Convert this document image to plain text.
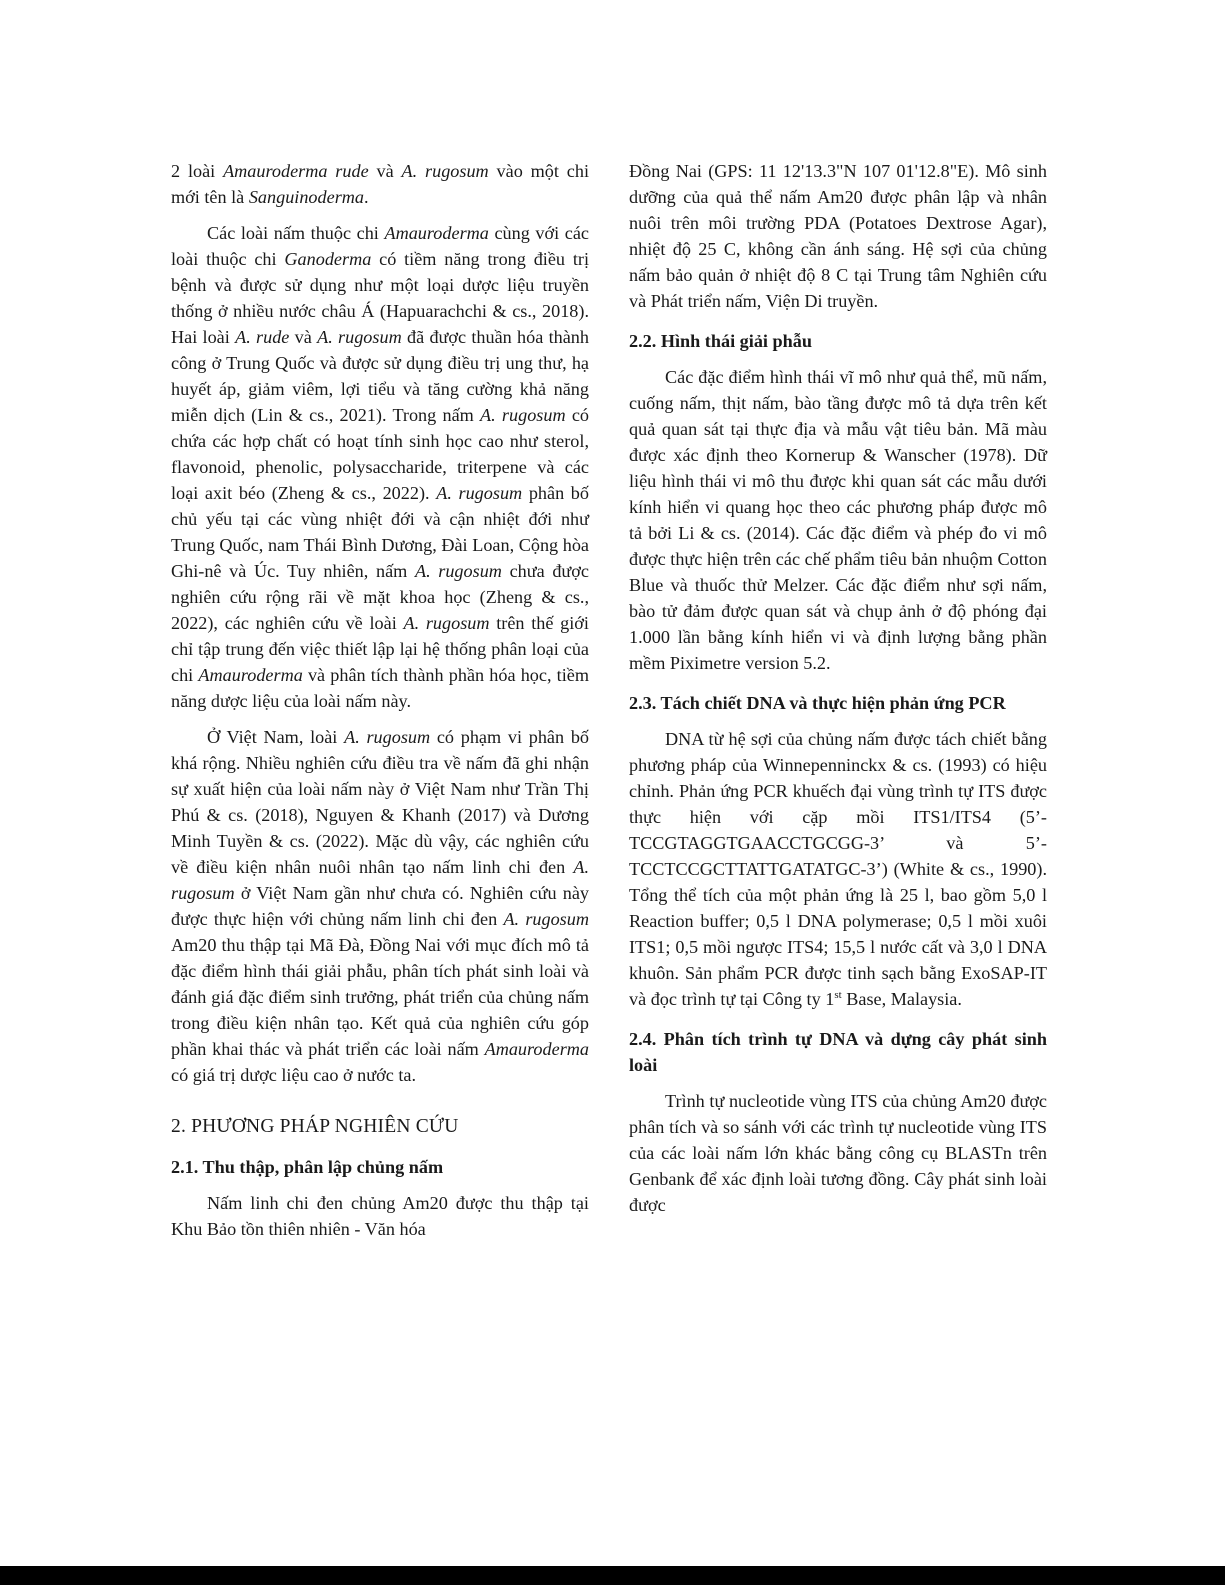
2 loài Amauroderma rude và A. rugosum vào một chi mới tên là Sanguinoderma.

Các loài nấm thuộc chi Amauroderma cùng với các loài thuộc chi Ganoderma có tiềm năng trong điều trị bệnh và được sử dụng như một loại dược liệu truyền thống ở nhiều nước châu Á (Hapuarachchi & cs., 2018). Hai loài A. rude và A. rugosum đã được thuần hóa thành công ở Trung Quốc và được sử dụng điều trị ung thư, hạ huyết áp, giảm viêm, lợi tiểu và tăng cường khả năng miễn dịch (Lin & cs., 2021). Trong nấm A. rugosum có chứa các hợp chất có hoạt tính sinh học cao như sterol, flavonoid, phenolic, polysaccharide, triterpene và các loại axit béo (Zheng & cs., 2022). A. rugosum phân bố chủ yếu tại các vùng nhiệt đới và cận nhiệt đới như Trung Quốc, nam Thái Bình Dương, Đài Loan, Cộng hòa Ghi-nê và Úc. Tuy nhiên, nấm A. rugosum chưa được nghiên cứu rộng rãi về mặt khoa học (Zheng & cs., 2022), các nghiên cứu về loài A. rugosum trên thế giới chỉ tập trung đến việc thiết lập lại hệ thống phân loại của chi Amauroderma và phân tích thành phần hóa học, tiềm năng dược liệu của loài nấm này.

Ở Việt Nam, loài A. rugosum có phạm vi phân bố khá rộng. Nhiều nghiên cứu điều tra về nấm đã ghi nhận sự xuất hiện của loài nấm này ở Việt Nam như Trần Thị Phú & cs. (2018), Nguyen & Khanh (2017) và Dương Minh Tuyền & cs. (2022). Mặc dù vậy, các nghiên cứu về điều kiện nhân nuôi nhân tạo nấm linh chi đen A. rugosum ở Việt Nam gần như chưa có. Nghiên cứu này được thực hiện với chủng nấm linh chi đen A. rugosum Am20 thu thập tại Mã Đà, Đồng Nai với mục đích mô tả đặc điểm hình thái giải phẫu, phân tích phát sinh loài và đánh giá đặc điểm sinh trưởng, phát triển của chủng nấm trong điều kiện nhân tạo. Kết quả của nghiên cứu góp phần khai thác và phát triển các loài nấm Amauroderma có giá trị dược liệu cao ở nước ta.

2. PHƯƠNG PHÁP NGHIÊN CỨU
2.1. Thu thập, phân lập chủng nấm

Nấm linh chi đen chủng Am20 được thu thập tại Khu Bảo tồn thiên nhiên - Văn hóa

Đồng Nai (GPS: 11 12'13.3"N 107 01'12.8"E). Mô sinh dưỡng của quả thể nấm Am20 được phân lập và nhân nuôi trên môi trường PDA (Potatoes Dextrose Agar), nhiệt độ 25 C, không cần ánh sáng. Hệ sợi của chủng nấm bảo quản ở nhiệt độ 8 C tại Trung tâm Nghiên cứu và Phát triển nấm, Viện Di truyền.

2.2. Hình thái giải phẫu

Các đặc điểm hình thái vĩ mô như quả thể, mũ nấm, cuống nấm, thịt nấm, bào tầng được mô tả dựa trên kết quả quan sát tại thực địa và mẫu vật tiêu bản. Mã màu được xác định theo Kornerup & Wanscher (1978). Dữ liệu hình thái vi mô thu được khi quan sát các mẫu dưới kính hiển vi quang học theo các phương pháp được mô tả bởi Li & cs. (2014). Các đặc điểm và phép đo vi mô được thực hiện trên các chế phẩm tiêu bản nhuộm Cotton Blue và thuốc thử Melzer. Các đặc điểm như sợi nấm, bào tử đảm được quan sát và chụp ảnh ở độ phóng đại 1.000 lần bằng kính hiển vi và định lượng bằng phần mềm Piximetre version 5.2.

2.3. Tách chiết DNA và thực hiện phản ứng PCR

DNA từ hệ sợi của chủng nấm được tách chiết bằng phương pháp của Winnepenninckx & cs. (1993) có hiệu chỉnh. Phản ứng PCR khuếch đại vùng trình tự ITS được thực hiện với cặp mồi ITS1/ITS4 (5’-TCCGTAGGTGAACCTGCGG-3’ và 5’-TCCTCCGCTTATTGATATGC-3’) (White & cs., 1990). Tổng thể tích của một phản ứng là 25 l, bao gồm 5,0 l Reaction buffer; 0,5 l DNA polymerase; 0,5 l mồi xuôi ITS1; 0,5 mồi ngược ITS4; 15,5 l nước cất và 3,0 l DNA khuôn. Sản phẩm PCR được tinh sạch bằng ExoSAP-IT và đọc trình tự tại Công ty 1st Base, Malaysia.

2.4. Phân tích trình tự DNA và dựng cây phát sinh loài

Trình tự nucleotide vùng ITS của chủng Am20 được phân tích và so sánh với các trình tự nucleotide vùng ITS của các loài nấm lớn khác bằng công cụ BLASTn trên Genbank để xác định loài tương đồng. Cây phát sinh loài được
